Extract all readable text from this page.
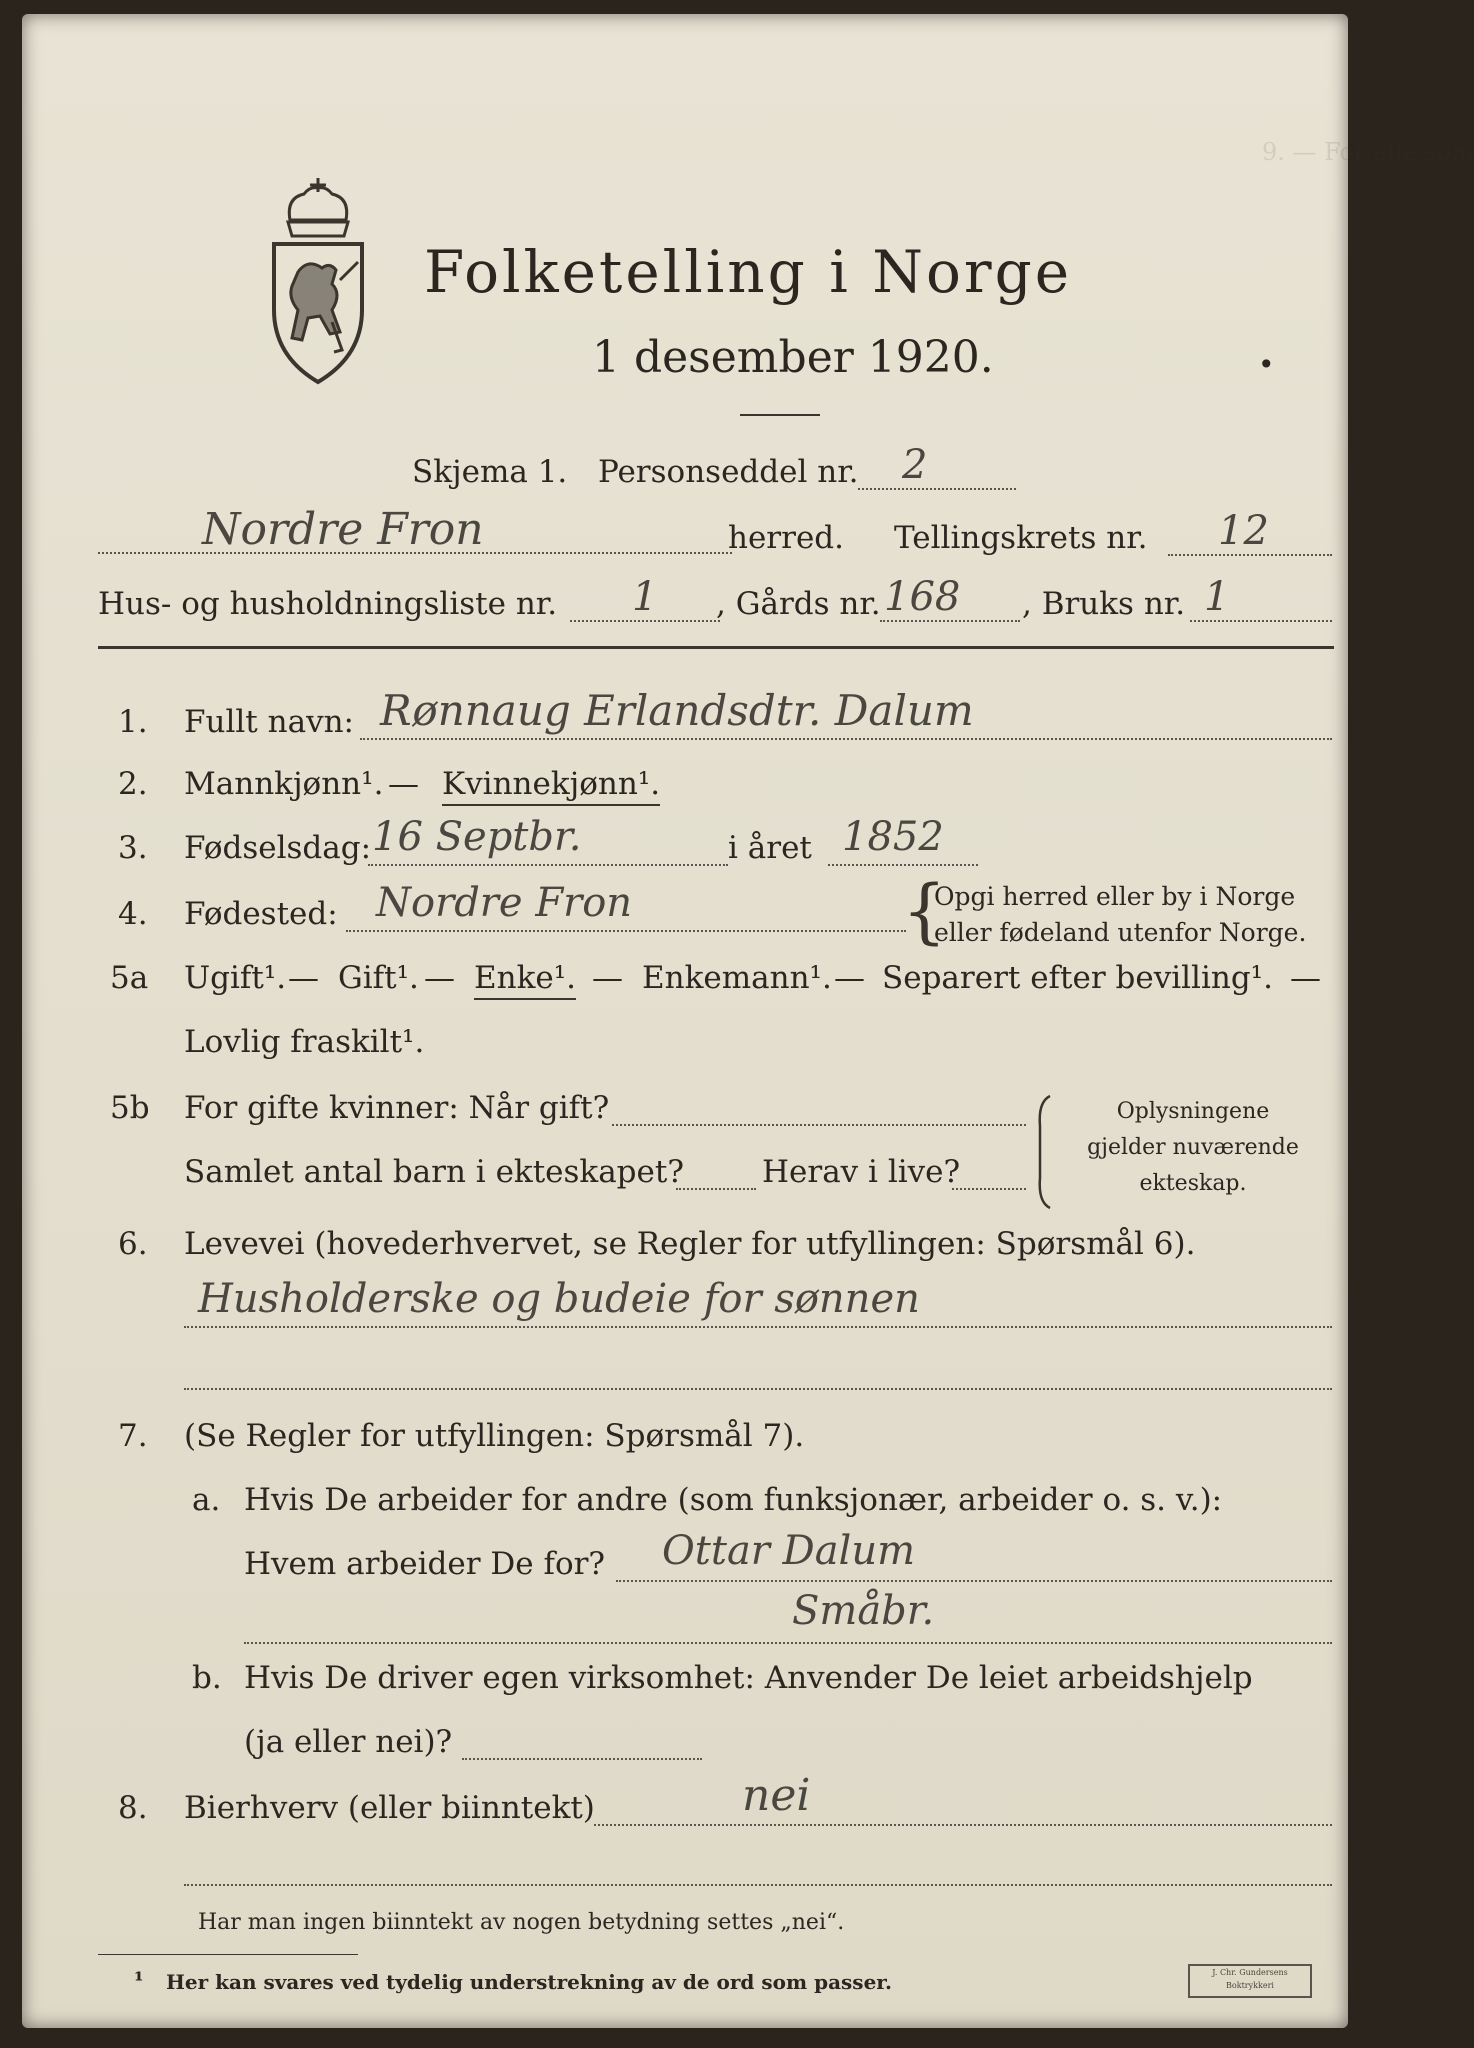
Folketelling i Norge
1 desember 1920.	•
9. — For alle som
Skjema 1. Personseddel nr. 2
Nordre Fron	herred. Tellingskrets nr. 12
Hus- og husholdningsliste nr. 1 , Gårds nr. 168 , Bruks nr. 1
1. Fullt navn: Rønnaug Erlandsdtr. Dalum
2. Mannkjønn¹. — Kvinnekjønn¹.
3. Fødselsdag: 16 Septbr.	i året 1852
4. Fødested: Nordre Fron	{
Opgi herred eller by i Norge
eller fødeland utenfor Norge.
5a Ugift¹. — Gift¹. — Enke¹. — Enkemann¹. — Separert efter bevilling¹. —
Lovlig fraskilt¹.
5b For gifte kvinner: Når gift?
Samlet antal barn i ekteskapet?	Herav i live?
Oplysningene
gjelder nuværende
ekteskap.
6. Levevei (hovederhvervet, se Regler for utfyllingen: Spørsmål 6).
Husholderske og budeie for sønnen
7. (Se Regler for utfyllingen: Spørsmål 7).
a. Hvis De arbeider for andre (som funksjonær, arbeider o. s. v.):
Hvem arbeider De for? Ottar Dalum
Småbr.
b. Hvis De driver egen virksomhet: Anvender De leiet arbeidshjelp
(ja eller nei)?
8. Bierhverv (eller biinntekt)	nei
Har man ingen biinntekt av nogen betydning settes „nei“.
¹ Her kan svares ved tydelig understrekning av de ord som passer.	J. Chr. Gundersens Boktrykkeri
